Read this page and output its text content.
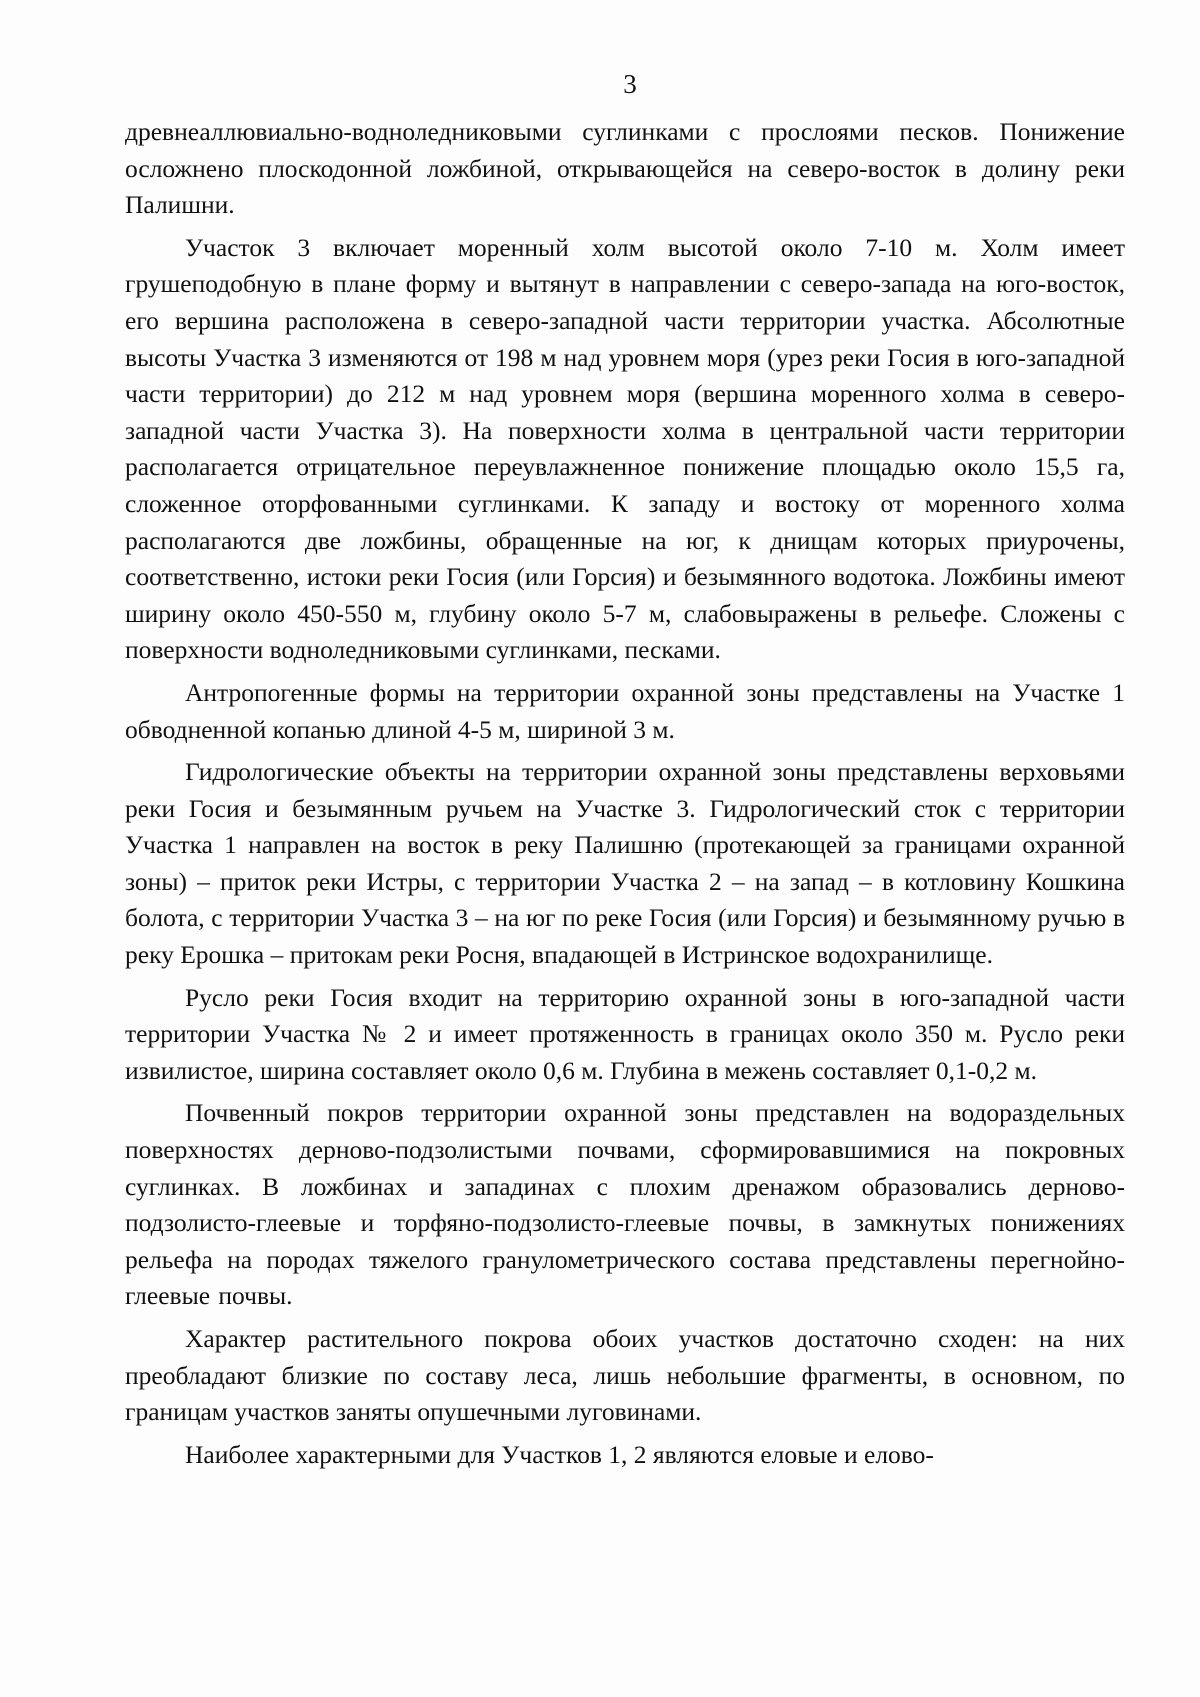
3

древнеаллювиально-водноледниковыми суглинками с прослоями песков. Понижение осложнено плоскодонной ложбиной, открывающейся на северо-восток в долину реки Палишни.

Участок 3 включает моренный холм высотой около 7-10 м. Холм имеет грушеподобную в плане форму и вытянут в направлении с северо-запада на юго-восток, его вершина расположена в северо-западной части территории участка. Абсолютные высоты Участка 3 изменяются от 198 м над уровнем моря (урез реки Госия в юго-западной части территории) до 212 м над уровнем моря (вершина моренного холма в северо-западной части Участка 3). На поверхности холма в центральной части территории располагается отрицательное переувлажненное понижение площадью около 15,5 га, сложенное оторфованными суглинками. К западу и востоку от моренного холма располагаются две ложбины, обращенные на юг, к днищам которых приурочены, соответственно, истоки реки Госия (или Горсия) и безымянного водотока. Ложбины имеют ширину около 450-550 м, глубину около 5-7 м, слабовыражены в рельефе. Сложены с поверхности водноледниковыми суглинками, песками.

Антропогенные формы на территории охранной зоны представлены на Участке 1 обводненной копанью длиной 4-5 м, шириной 3 м.

Гидрологические объекты на территории охранной зоны представлены верховьями реки Госия и безымянным ручьем на Участке 3. Гидрологический сток с территории Участка 1 направлен на восток в реку Палишню (протекающей за границами охранной зоны) – приток реки Истры, с территории Участка 2 – на запад – в котловину Кошкина болота, с территории Участка 3 – на юг по реке Госия (или Горсия) и безымянному ручью в реку Ерошка – притокам реки Росня, впадающей в Истринское водохранилище.

Русло реки Госия входит на территорию охранной зоны в юго-западной части территории Участка № 2 и имеет протяженность в границах около 350 м. Русло реки извилистое, ширина составляет около 0,6 м. Глубина в межень составляет 0,1-0,2 м.

Почвенный покров территории охранной зоны представлен на водораздельных поверхностях дерново-подзолистыми почвами, сформировавшимися на покровных суглинках. В ложбинах и западинах с плохим дренажом образовались дерново-подзолисто-глеевые и торфяно-подзолисто-глеевые почвы, в замкнутых понижениях рельефа на породах тяжелого гранулометрического состава представлены перегнойно-глеевые почвы.

Характер растительного покрова обоих участков достаточно сходен: на них преобладают близкие по составу леса, лишь небольшие фрагменты, в основном, по границам участков заняты опушечными луговинами.

Наиболее характерными для Участков 1, 2 являются еловые и елово-
